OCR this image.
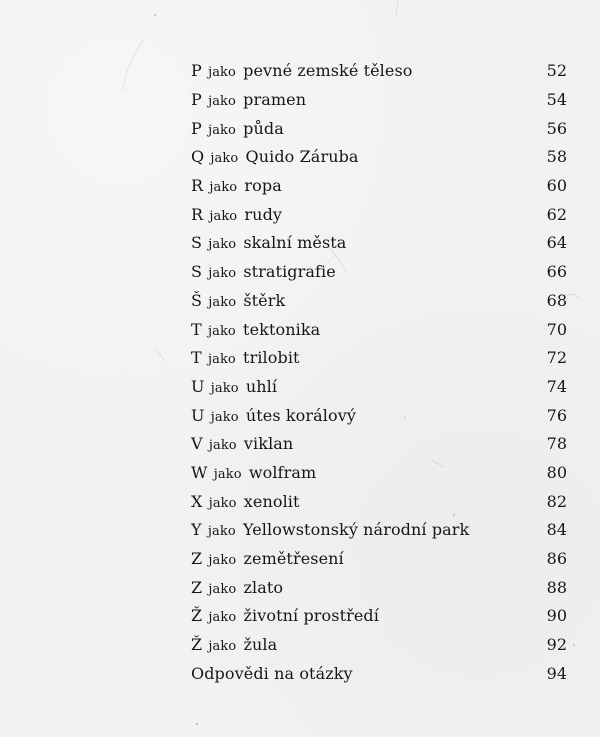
P jako pevné zemské těleso	52
P jako pramen	54
P jako půda	56
Q jako Quido Záruba	58
R jako ropa	60
R jako rudy	62
S jako skalní města	64
S jako stratigrafie	66
Š jako štěrk	68
T jako tektonika	70
T jako trilobit	72
U jako uhlí	74
U jako útes korálový	76
V jako viklan	78
W jako wolfram	80
X jako xenolit	82
Y jako Yellowstonský národní park	84
Z jako zemětřesení	86
Z jako zlato	88
Ž jako životní prostředí	90
Ž jako žula	92
Odpovědi na otázky	94
